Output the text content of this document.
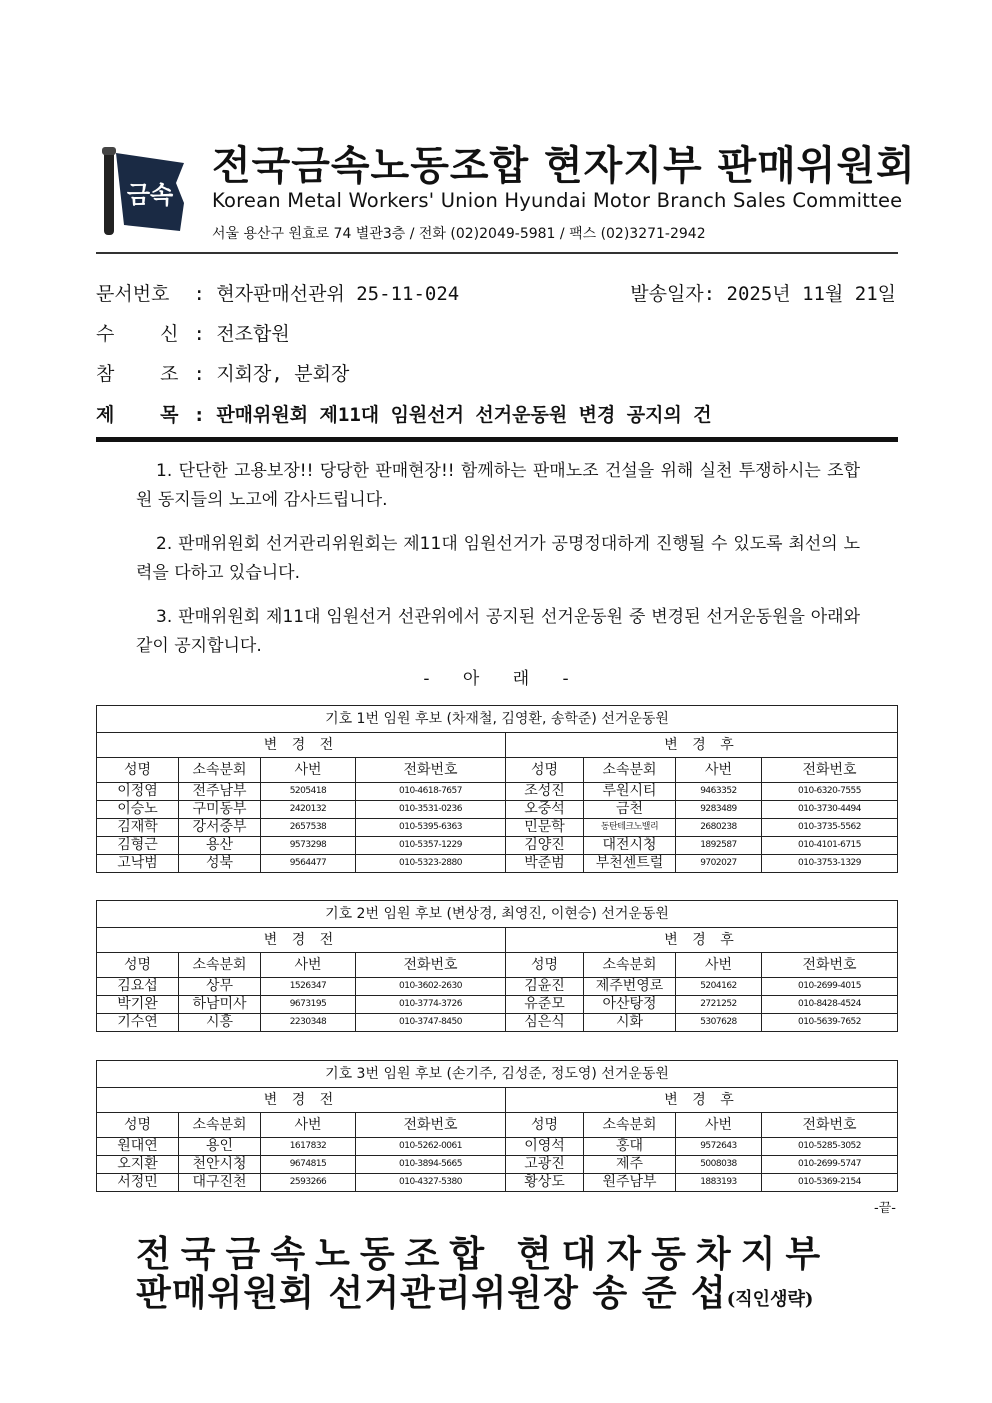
금속
전국금속노동조합 현자지부 판매위원회
Korean Metal Workers' Union Hyundai Motor Branch Sales Committee
서울 용산구 원효로 74 별관3층 / 전화 (02)2049-5981 / 팩스 (02)3271-2942
문서번호 : 현자판매선관위 25-11-024	발송일자: 2025년 11월 21일
수    신 : 전조합원
참    조 : 지회장, 분회장
제    목 : 판매위원회 제11대 임원선거 선거운동원 변경 공지의 건
1. 단단한 고용보장!! 당당한 판매현장!! 함께하는 판매노조 건설을 위해 실천 투쟁하시는 조합원 동지들의 노고에 감사드립니다.
2. 판매위원회 선거관리위원회는 제11대 임원선거가 공명정대하게 진행될 수 있도록 최선의 노력을 다하고 있습니다.
3. 판매위원회 제11대 임원선거 선관위에서 공지된 선거운동원 중 변경된 선거운동원을 아래와 같이 공지합니다.
- 아 래 -
기호 1번 임원 후보 (차재철, 김영환, 송학준) 선거운동원							
변 경 전				변 경 후			
성명	소속분회	사번	전화번호	성명	소속분회	사번	전화번호
이정염	전주남부	5205418	010-4618-7657	조성진	루원시티	9463352	010-6320-7555
이승노	구미동부	2420132	010-3531-0236	오중석	금천	9283489	010-3730-4494
김재학	강서중부	2657538	010-5395-6363	민문학	동탄테크노밸리	2680238	010-3735-5562
김형근	용산	9573298	010-5357-1229	김양진	대전시청	1892587	010-4101-6715
고낙범	성북	9564477	010-5323-2880	박준범	부천센트럴	9702027	010-3753-1329
기호 2번 임원 후보 (변상경, 최영진, 이현승) 선거운동원							
변 경 전				변 경 후			
성명	소속분회	사번	전화번호	성명	소속분회	사번	전화번호
김요섭	상무	1526347	010-3602-2630	김윤진	제주번영로	5204162	010-2699-4015
박기완	하남미사	9673195	010-3774-3726	유준모	아산탕정	2721252	010-8428-4524
기수연	시흥	2230348	010-3747-8450	심은식	시화	5307628	010-5639-7652
기호 3번 임원 후보 (손기주, 김성준, 정도영) 선거운동원							
변 경 전				변 경 후			
성명	소속분회	사번	전화번호	성명	소속분회	사번	전화번호
원대연	용인	1617832	010-5262-0061	이영석	홍대	9572643	010-5285-3052
오지환	천안시청	9674815	010-3894-5665	고광진	제주	5008038	010-2699-5747
서정민	대구진천	2593266	010-4327-5380	황상도	원주남부	1883193	010-5369-2154
-끝-
전국금속노동조합 현대자동차지부
판매위원회 선거관리위원장 송 준 섭(직인생략)
